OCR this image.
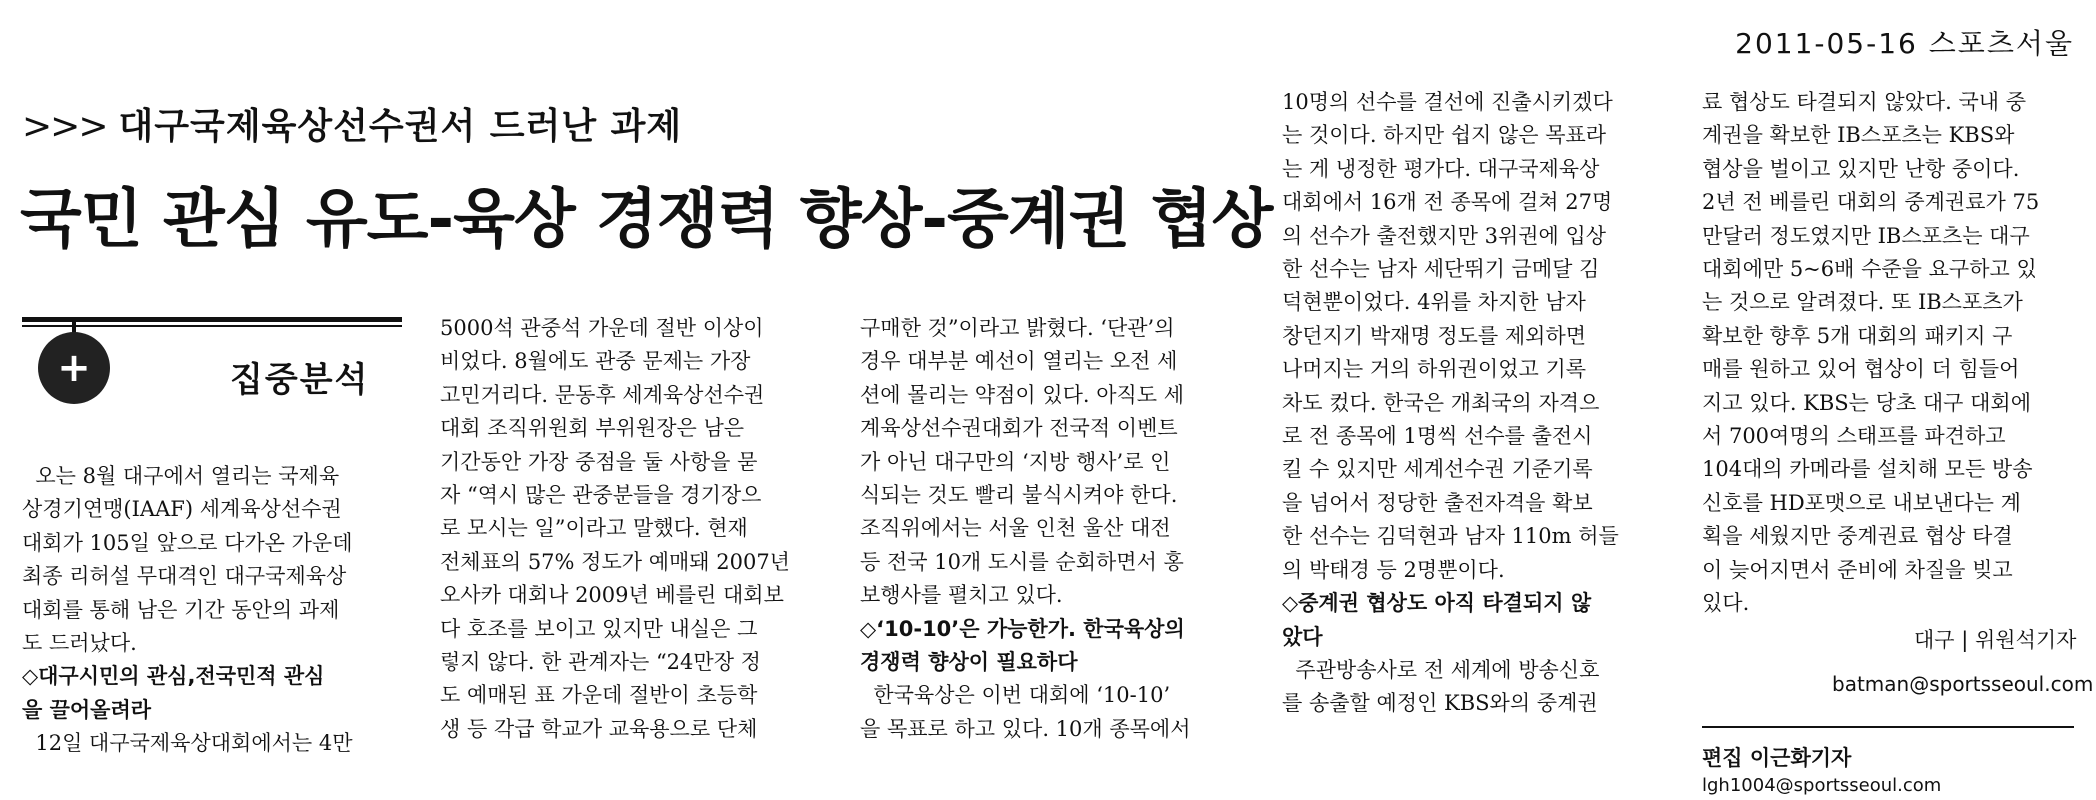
2011-05-16 스포츠서울
>>> 대구국제육상선수권서 드러난 과제
국민 관심 유도-육상 경쟁력 향상-중계권 협상
+	집중분석
오는 8월 대구에서 열리는 국제육
상경기연맹(IAAF) 세계육상선수권
대회가 105일 앞으로 다가온 가운데
최종 리허설 무대격인 대구국제육상
대회를 통해 남은 기간 동안의 과제
도 드러났다.
◇대구시민의 관심,전국민적 관심
을 끌어올려라
12일 대구국제육상대회에서는 4만
5000석 관중석 가운데 절반 이상이
비었다. 8월에도 관중 문제는 가장
고민거리다. 문동후 세계육상선수권
대회 조직위원회 부위원장은 남은
기간동안 가장 중점을 둘 사항을 묻
자 “역시 많은 관중분들을 경기장으
로 모시는 일”이라고 말했다. 현재
전체표의 57% 정도가 예매돼 2007년
오사카 대회나 2009년 베를린 대회보
다 호조를 보이고 있지만 내실은 그
렇지 않다. 한 관계자는 “24만장 정
도 예매된 표 가운데 절반이 초등학
생 등 각급 학교가 교육용으로 단체
구매한 것”이라고 밝혔다. ‘단관’의
경우 대부분 예선이 열리는 오전 세
션에 몰리는 약점이 있다. 아직도 세
계육상선수권대회가 전국적 이벤트
가 아닌 대구만의 ‘지방 행사’로 인
식되는 것도 빨리 불식시켜야 한다.
조직위에서는 서울 인천 울산 대전
등 전국 10개 도시를 순회하면서 홍
보행사를 펼치고 있다.
◇‘10-10’은 가능한가. 한국육상의
경쟁력 향상이 필요하다
한국육상은 이번 대회에 ‘10-10’
을 목표로 하고 있다. 10개 종목에서
10명의 선수를 결선에 진출시키겠다
는 것이다. 하지만 쉽지 않은 목표라
는 게 냉정한 평가다. 대구국제육상
대회에서 16개 전 종목에 걸쳐 27명
의 선수가 출전했지만 3위권에 입상
한 선수는 남자 세단뛰기 금메달 김
덕현뿐이었다. 4위를 차지한 남자
창던지기 박재명 정도를 제외하면
나머지는 거의 하위권이었고 기록
차도 컸다. 한국은 개최국의 자격으
로 전 종목에 1명씩 선수를 출전시
킬 수 있지만 세계선수권 기준기록
을 넘어서 정당한 출전자격을 확보
한 선수는 김덕현과 남자 110m 허들
의 박태경 등 2명뿐이다.
◇중계권 협상도 아직 타결되지 않
았다
주관방송사로 전 세계에 방송신호
를 송출할 예정인 KBS와의 중계권
료 협상도 타결되지 않았다. 국내 중
계권을 확보한 IB스포츠는 KBS와
협상을 벌이고 있지만 난항 중이다.
2년 전 베를린 대회의 중계권료가 75
만달러 정도였지만 IB스포츠는 대구
대회에만 5~6배 수준을 요구하고 있
는 것으로 알려졌다. 또 IB스포츠가
확보한 향후 5개 대회의 패키지 구
매를 원하고 있어 협상이 더 힘들어
지고 있다. KBS는 당초 대구 대회에
서 700여명의 스태프를 파견하고
104대의 카메라를 설치해 모든 방송
신호를 HD포맷으로 내보낸다는 계
획을 세웠지만 중계권료 협상 타결
이 늦어지면서 준비에 차질을 빚고
있다.
대구 | 위원석기자
batman@sportsseoul.com
편집 이근화기자 lgh1004@sportsseoul.com
